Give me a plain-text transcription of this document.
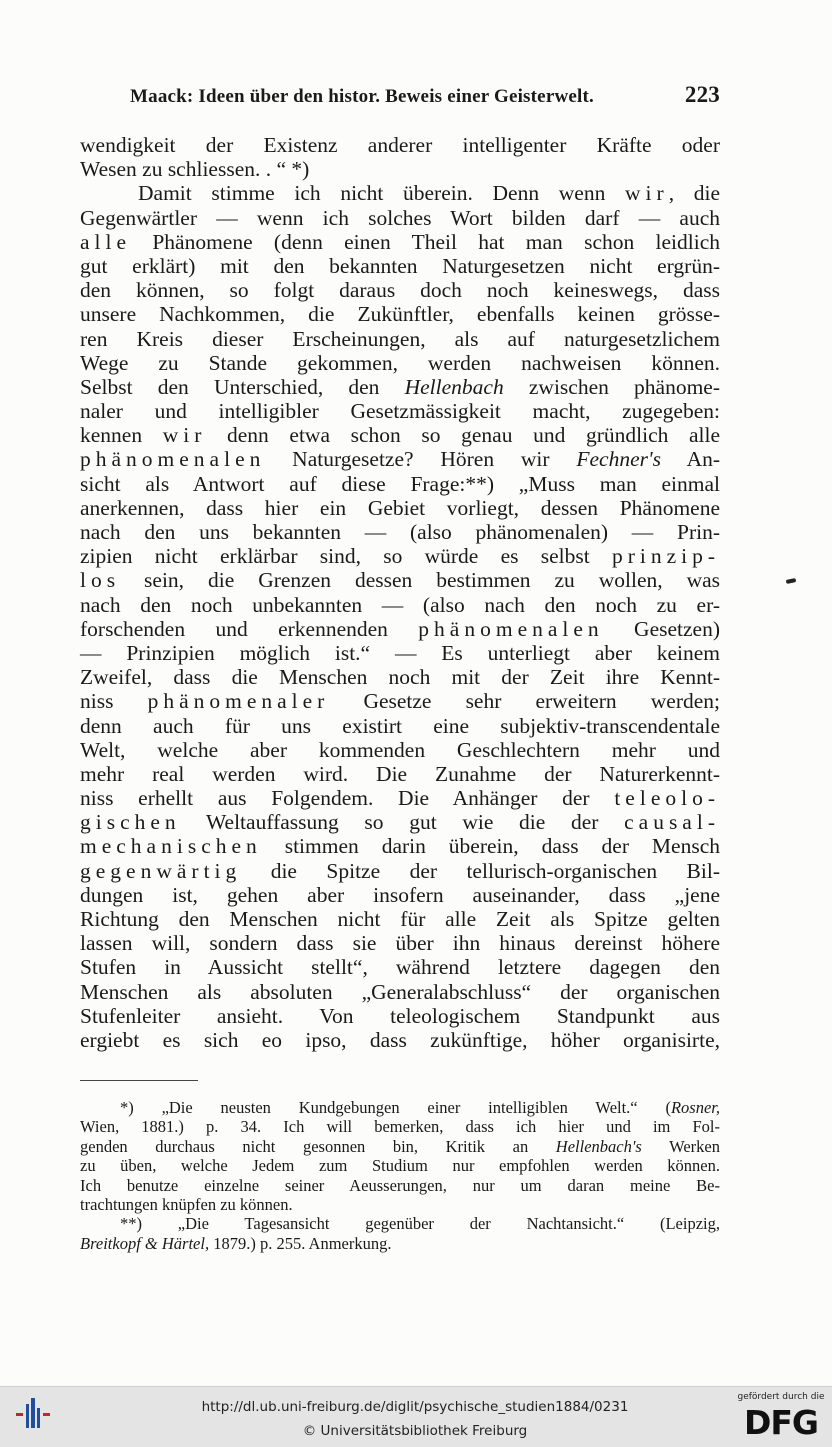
Maack: Ideen über den histor. Beweis einer Geisterwelt.	223
wendigkeit der Existenz anderer intelligenter Kräfte oder
Wesen zu schliessen. . “ *)
Damit stimme ich nicht überein. Denn wenn wir, die
Gegenwärtler — wenn ich solches Wort bilden darf — auch
alle Phänomene (denn einen Theil hat man schon leidlich
gut erklärt) mit den bekannten Naturgesetzen nicht ergrün-
den können, so folgt daraus doch noch keineswegs, dass
unsere Nachkommen, die Zukünftler, ebenfalls keinen grösse-
ren Kreis dieser Erscheinungen, als auf naturgesetzlichem
Wege zu Stande gekommen, werden nachweisen können.
Selbst den Unterschied, den Hellenbach zwischen phänome-
naler und intelligibler Gesetzmässigkeit macht, zugegeben:
kennen wir denn etwa schon so genau und gründlich alle
phänomenalen Naturgesetze? Hören wir Fechner's An-
sicht als Antwort auf diese Frage:**) „Muss man einmal
anerkennen, dass hier ein Gebiet vorliegt, dessen Phänomene
nach den uns bekannten — (also phänomenalen) — Prin-
zipien nicht erklärbar sind, so würde es selbst prinzip-
los sein, die Grenzen dessen bestimmen zu wollen, was
nach den noch unbekannten — (also nach den noch zu er-
forschenden und erkennenden phänomenalen Gesetzen)
— Prinzipien möglich ist.“ — Es unterliegt aber keinem
Zweifel, dass die Menschen noch mit der Zeit ihre Kennt-
niss phänomenaler Gesetze sehr erweitern werden;
denn auch für uns existirt eine subjektiv-transcendentale
Welt, welche aber kommenden Geschlechtern mehr und
mehr real werden wird. Die Zunahme der Naturerkennt-
niss erhellt aus Folgendem. Die Anhänger der teleolo-
gischen Weltauffassung so gut wie die der causal-
mechanischen stimmen darin überein, dass der Mensch
gegenwärtig die Spitze der tellurisch-organischen Bil-
dungen ist, gehen aber insofern auseinander, dass „jene
Richtung den Menschen nicht für alle Zeit als Spitze gelten
lassen will, sondern dass sie über ihn hinaus dereinst höhere
Stufen in Aussicht stellt“, während letztere dagegen den
Menschen als absoluten „Generalabschluss“ der organischen
Stufenleiter ansieht. Von teleologischem Standpunkt aus
ergiebt es sich eo ipso, dass zukünftige, höher organisirte,
*) „Die neusten Kundgebungen einer intelligiblen Welt.“ (Rosner,
Wien, 1881.) p. 34. Ich will bemerken, dass ich hier und im Fol-
genden durchaus nicht gesonnen bin, Kritik an Hellenbach's Werken
zu üben, welche Jedem zum Studium nur empfohlen werden können.
Ich benutze einzelne seiner Aeusserungen, nur um daran meine Be-
trachtungen knüpfen zu können.
**) „Die Tagesansicht gegenüber der Nachtansicht.“ (Leipzig,
Breitkopf & Härtel, 1879.) p. 255. Anmerkung.
http://dl.ub.uni-freiburg.de/diglit/psychische_studien1884/0231
© Universitätsbibliothek Freiburg
gefördert durch die
DFG
